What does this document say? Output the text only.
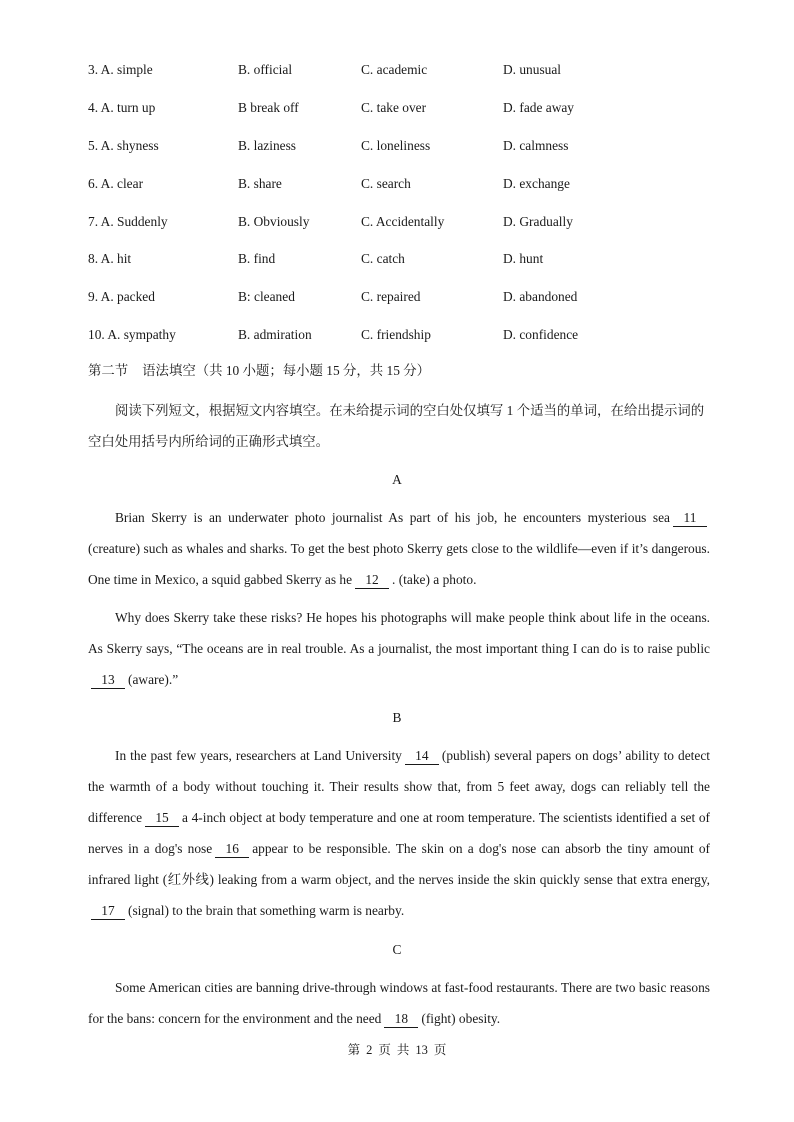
3. A. simple	B. official	C. academic	D. unusual
4. A. turn up	B break off	C. take over	D. fade away
5. A. shyness	B. laziness	C. loneliness	D. calmness
6. A. clear	B. share	C. search	D. exchange
7. A. Suddenly	B. Obviously	C. Accidentally	D. Gradually
8. A. hit	B. find	C. catch	D. hunt
9. A. packed	B: cleaned	C. repaired	D. abandoned
10. A. sympathy	B. admiration	C. friendship	D. confidence
第二节 语法填空（共 10 小题；每小题 15 分，共 15 分）

阅读下列短文，根据短文内容填空。在未给提示词的空白处仅填写 1 个适当的单词，在给出提示词的空白处用括号内所给词的正确形式填空。

A

Brian Skerry is an underwater photo journalist As part of his job, he encounters mysterious sea 11(creature) such as whales and sharks. To get the best photo Skerry gets close to the wildlife—even if it’s dangerous. One time in Mexico, a squid gabbed Skerry as he 12 . (take) a photo.

Why does Skerry take these risks? He hopes his photographs will make people think about life in the oceans. As Skerry says, “The oceans are in real trouble. As a journalist, the most important thing I can do is to raise public13 (aware).”

B

In the past few years, researchers at Land University 14 (publish) several papers on dogs’ ability to detect the warmth of a body without touching it. Their results show that, from 5 feet away, dogs can reliably tell the difference 15 a 4-inch object at body temperature and one at room temperature. The scientists identified a set of nerves in a dog's nose 16 appear to be responsible. The skin on a dog's nose can absorb the tiny amount of infrared light (红外线) leaking from a warm object, and the nerves inside the skin quickly sense that extra energy,17 (signal) to the brain that something warm is nearby.

C

Some American cities are banning drive-through windows at fast-food restaurants. There are two basic reasons for the bans: concern for the environment and the need 18 (fight) obesity.

第 2 页 共 13 页
